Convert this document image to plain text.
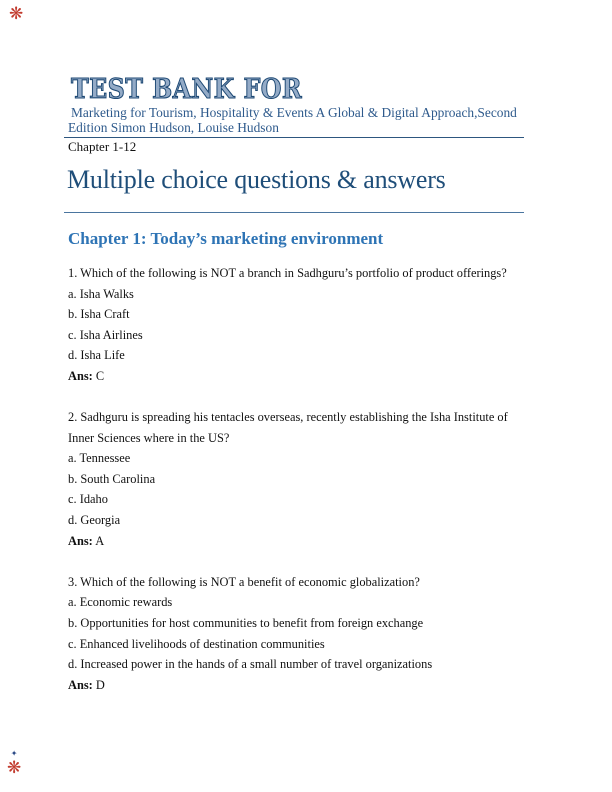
❋
TEST BANK FOR
Marketing for Tourism, Hospitality & Events A Global & Digital Approach,Second
Edition Simon Hudson, Louise Hudson
Chapter 1-12
Multiple choice questions & answers
Chapter 1: Today’s marketing environment

1. Which of the following is NOT a branch in Sadhguru’s portfolio of product offerings?

a. Isha Walks

b. Isha Craft

c. Isha Airlines

d. Isha Life

Ans: C

2. Sadhguru is spreading his tentacles overseas, recently establishing the Isha Institute of

Inner Sciences where in the US?

a. Tennessee

b. South Carolina

c. Idaho

d. Georgia

Ans: A

3. Which of the following is NOT a benefit of economic globalization?

a. Economic rewards

b. Opportunities for host communities to benefit from foreign exchange

c. Enhanced livelihoods of destination communities

d. Increased power in the hands of a small number of travel organizations

Ans: D

✦
❋
